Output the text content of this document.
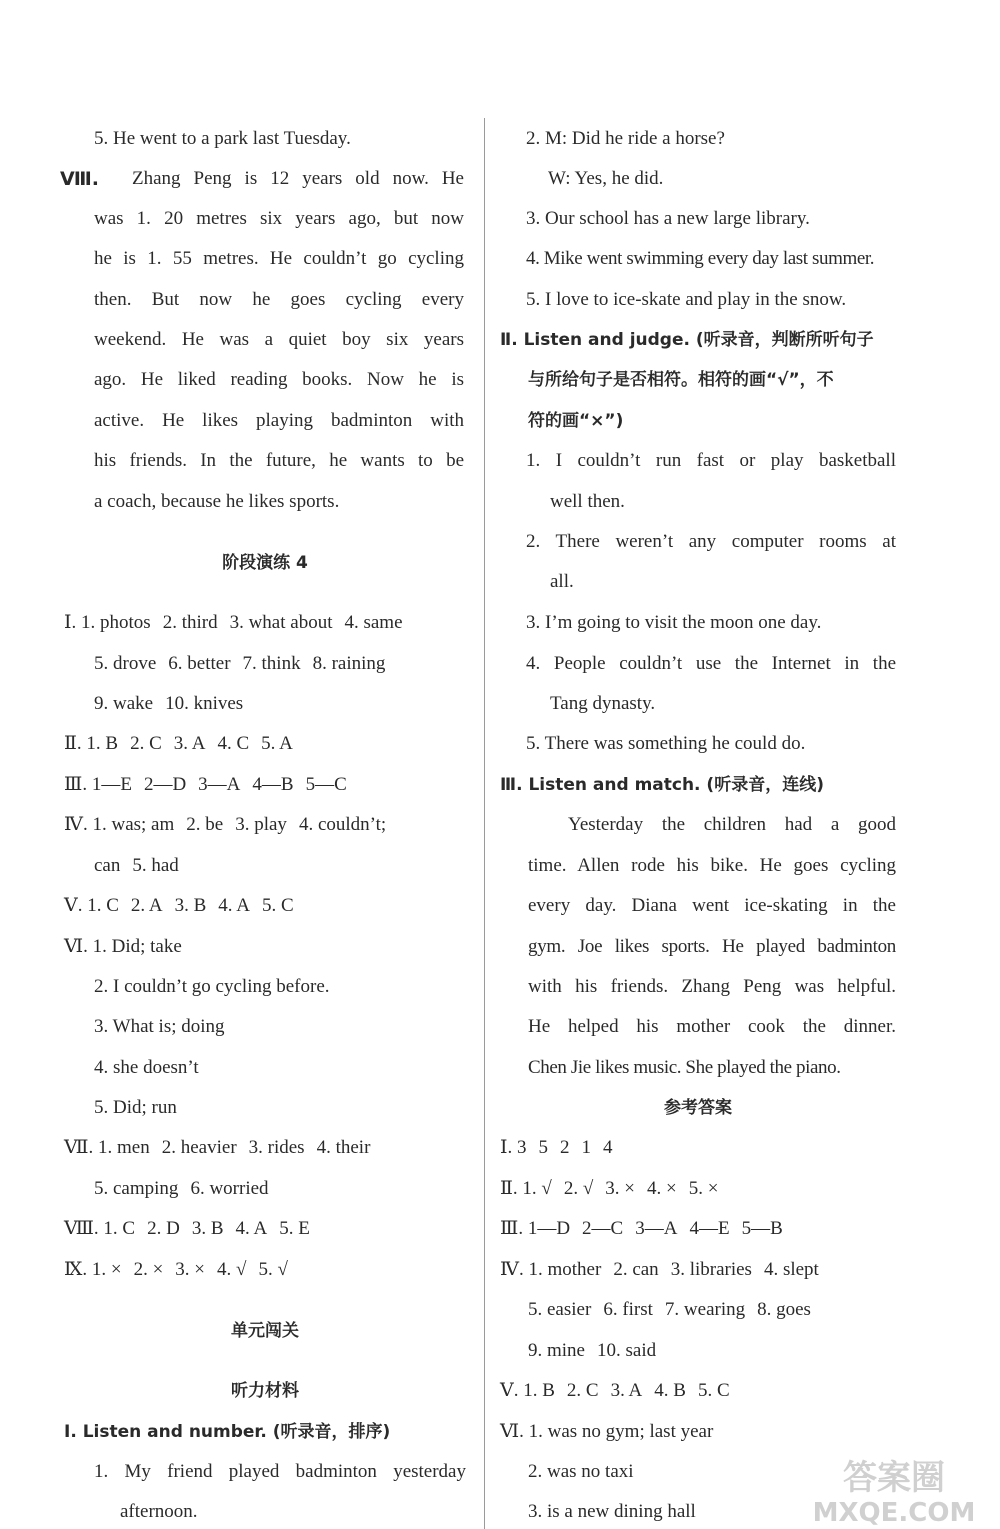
5. He went to a park last Tuesday.
Ⅷ. Zhang Peng is 12 years old now. He
was 1. 20 metres six years ago, but now
he is 1. 55 metres. He couldn’t go cycling
then. But now he goes cycling every
weekend. He was a quiet boy six years
ago. He liked reading books. Now he is
active. He likes playing badminton with
his friends. In the future, he wants to be
a coach, because he likes sports.
阶段演练 4
Ⅰ. 1. photos 2. third 3. what about 4. same
5. drove 6. better 7. think 8. raining
9. wake 10. knives
Ⅱ. 1. B 2. C 3. A 4. C 5. A
Ⅲ. 1—E 2—D 3—A 4—B 5—C
Ⅳ. 1. was; am 2. be 3. play 4. couldn’t;
can 5. had
Ⅴ. 1. C 2. A 3. B 4. A 5. C
Ⅵ. 1. Did; take
2. I couldn’t go cycling before.
3. What is; doing
4. she doesn’t
5. Did; run
Ⅶ. 1. men 2. heavier 3. rides 4. their
5. camping 6. worried
Ⅷ. 1. C 2. D 3. B 4. A 5. E
Ⅸ. 1. × 2. × 3. × 4. √ 5. √
单元闯关
听力材料
Ⅰ. Listen and number. (听录音，排序)
1. My friend played badminton yesterday
afternoon.
2. M: Did he ride a horse?
W: Yes, he did.
3. Our school has a new large library.
4. Mike went swimming every day last summer.
5. I love to ice-skate and play in the snow.
Ⅱ. Listen and judge. (听录音，判断所听句子
与所给句子是否相符。相符的画“√”，不
符的画“×”)
1. I couldn’t run fast or play basketball
well then.
2. There weren’t any computer rooms at
all.
3. I’m going to visit the moon one day.
4. People couldn’t use the Internet in the
Tang dynasty.
5. There was something he could do.
Ⅲ. Listen and match. (听录音，连线)
Yesterday the children had a good
time. Allen rode his bike. He goes cycling
every day. Diana went ice-skating in the
gym. Joe likes sports. He played badminton
with his friends. Zhang Peng was helpful.
He helped his mother cook the dinner.
Chen Jie likes music. She played the piano.
参考答案
Ⅰ. 3 5 2 1 4
Ⅱ. 1. √ 2. √ 3. × 4. × 5. ×
Ⅲ. 1—D 2—C 3—A 4—E 5—B
Ⅳ. 1. mother 2. can 3. libraries 4. slept
5. easier 6. first 7. wearing 8. goes
9. mine 10. said
Ⅴ. 1. B 2. C 3. A 4. B 5. C
Ⅵ. 1. was no gym; last year
2. was no taxi
3. is a new dining hall
答案圈
MXQE.COM
